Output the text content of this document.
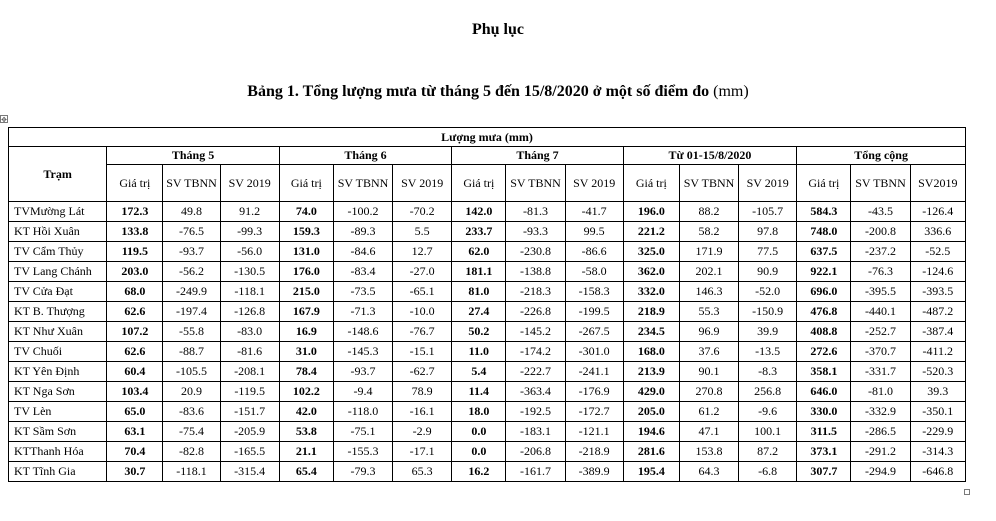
Phụ lục
Bảng 1. Tổng lượng mưa từ tháng 5 đến 15/8/2020 ở một số điểm đo (mm)
✥
Lượng mưa (mm)															
Trạm	Tháng 5			Tháng 6			Tháng 7			Từ 01-15/8/2020			Tổng cộng		
	Giá trị	SV TBNN	SV 2019	Giá trị	SV TBNN	SV 2019	Giá trị	SV TBNN	SV 2019	Giá trị	SV TBNN	SV 2019	Giá trị	SV TBNN	SV2019
TVMường Lát	172.3	49.8	91.2	74.0	-100.2	-70.2	142.0	-81.3	-41.7	196.0	88.2	-105.7	584.3	-43.5	-126.4
KT Hồi Xuân	133.8	-76.5	-99.3	159.3	-89.3	5.5	233.7	-93.3	99.5	221.2	58.2	97.8	748.0	-200.8	336.6
TV Cẩm Thủy	119.5	-93.7	-56.0	131.0	-84.6	12.7	62.0	-230.8	-86.6	325.0	171.9	77.5	637.5	-237.2	-52.5
TV Lang Chánh	203.0	-56.2	-130.5	176.0	-83.4	-27.0	181.1	-138.8	-58.0	362.0	202.1	90.9	922.1	-76.3	-124.6
TV Cửa Đạt	68.0	-249.9	-118.1	215.0	-73.5	-65.1	81.0	-218.3	-158.3	332.0	146.3	-52.0	696.0	-395.5	-393.5
KT B. Thượng	62.6	-197.4	-126.8	167.9	-71.3	-10.0	27.4	-226.8	-199.5	218.9	55.3	-150.9	476.8	-440.1	-487.2
KT Như Xuân	107.2	-55.8	-83.0	16.9	-148.6	-76.7	50.2	-145.2	-267.5	234.5	96.9	39.9	408.8	-252.7	-387.4
TV Chuối	62.6	-88.7	-81.6	31.0	-145.3	-15.1	11.0	-174.2	-301.0	168.0	37.6	-13.5	272.6	-370.7	-411.2
KT Yên Định	60.4	-105.5	-208.1	78.4	-93.7	-62.7	5.4	-222.7	-241.1	213.9	90.1	-8.3	358.1	-331.7	-520.3
KT Nga Sơn	103.4	20.9	-119.5	102.2	-9.4	78.9	11.4	-363.4	-176.9	429.0	270.8	256.8	646.0	-81.0	39.3
TV Lèn	65.0	-83.6	-151.7	42.0	-118.0	-16.1	18.0	-192.5	-172.7	205.0	61.2	-9.6	330.0	-332.9	-350.1
KT Sầm Sơn	63.1	-75.4	-205.9	53.8	-75.1	-2.9	0.0	-183.1	-121.1	194.6	47.1	100.1	311.5	-286.5	-229.9
KTThanh Hóa	70.4	-82.8	-165.5	21.1	-155.3	-17.1	0.0	-206.8	-218.9	281.6	153.8	87.2	373.1	-291.2	-314.3
KT Tĩnh Gia	30.7	-118.1	-315.4	65.4	-79.3	65.3	16.2	-161.7	-389.9	195.4	64.3	-6.8	307.7	-294.9	-646.8
